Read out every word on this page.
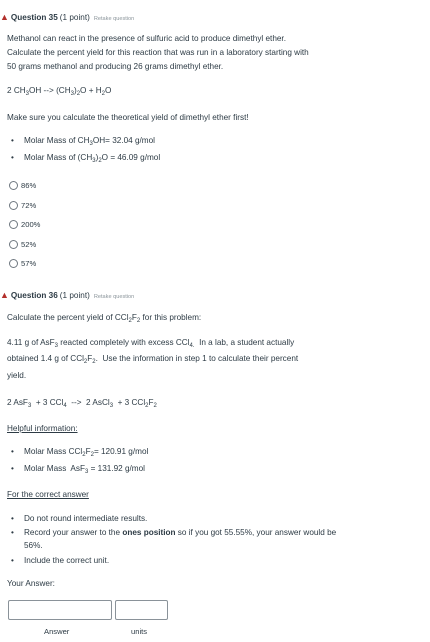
▲ Question 35 (1 point) Retake question
Methanol can react in the presence of sulfuric acid to produce dimethyl ether.
Calculate the percent yield for this reaction that was run in a laboratory starting with
50 grams methanol and producing 26 grams dimethyl ether.
2 $CH_3OH$ --> $(CH_3)_2O + H_2O$
Make sure you calculate the theoretical yield of dimethyl ether first!
• Molar Mass of $CH_3OH= 32.04$ g/mol
• Molar Mass of $(CH_3)_2O = 46.09$ g/mol
86%
72%
200%
52%
57%
▲ Question 36 (1 point) Retake question
Calculate the percent yield of $CCl_2F_2$ for this problem:
4.11 g of AsF$_3$ reacted completely with excess CCl$_{4.}$  In a lab, a student actually
obtained 1.4 g of $CCl_2F_2$.  Use the information in step 1 to calculate their percent
yield.
2 AsF$_3$  + 3 CCl$_4$  -->  2 AsCl$_3$  + 3 $CCl_2F_2$
Helpful information:
• Molar Mass $CCl_2F_2= 120.91$ g/mol
• Molar Mass  AsF$_3$ = 131.92 g/mol
For the correct answer
• Do not round intermediate results.
• Record your answer to the ones position so if you got 55.55%, your answer would be 56%.
• Include the correct unit.
Your Answer:
Answer	units
